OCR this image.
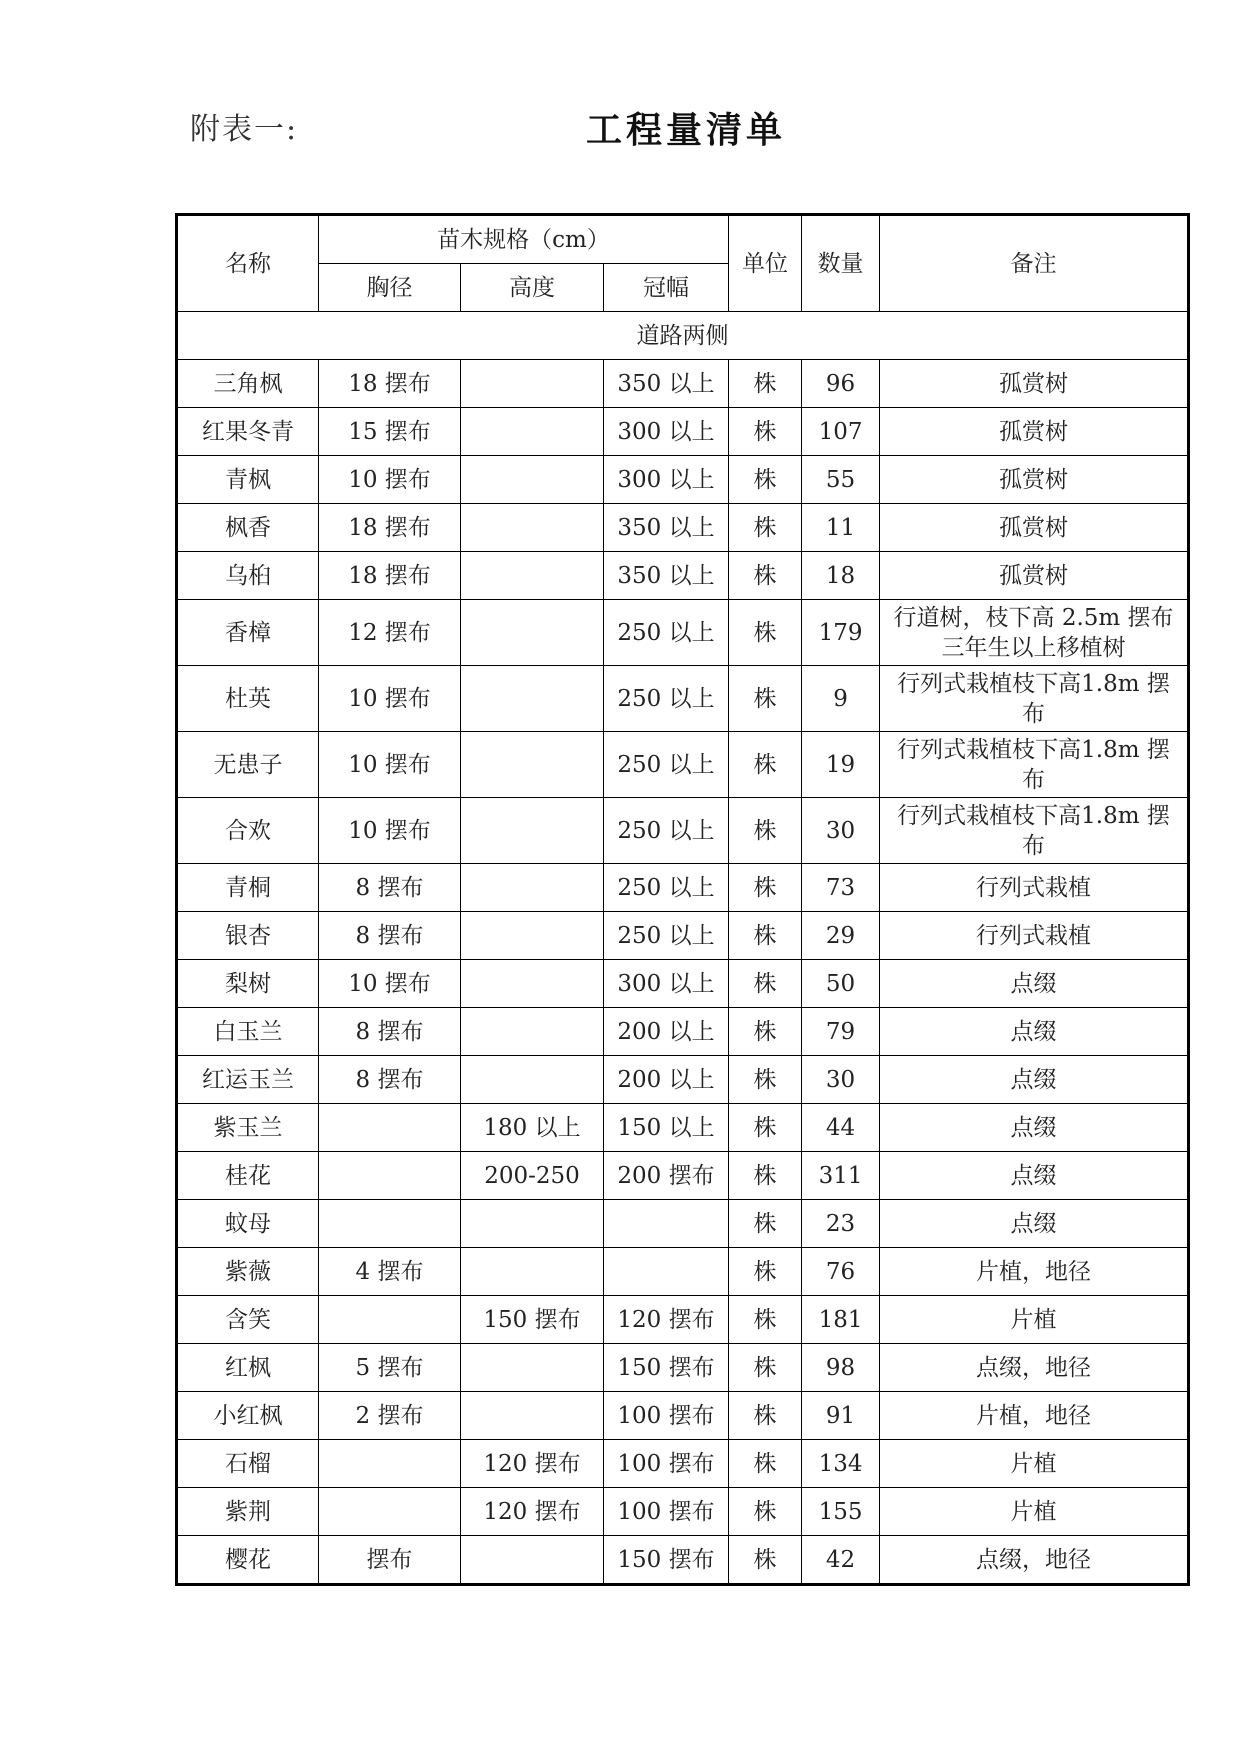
附表一:	工程量清单
名称	苗木规格（cm）			单位	数量	备注
	胸径	高度	冠幅			
道路两侧						
三角枫	18 摆布		350 以上	株	96	孤赏树
红果冬青	15 摆布		300 以上	株	107	孤赏树
青枫	10 摆布		300 以上	株	55	孤赏树
枫香	18 摆布		350 以上	株	11	孤赏树
乌桕	18 摆布		350 以上	株	18	孤赏树
香樟	12 摆布		250 以上	株	179	行道树，枝下高 2.5m 摆布三年生以上移植树
杜英	10 摆布		250 以上	株	9	行列式栽植枝下高1.8m 摆布
无患子	10 摆布		250 以上	株	19	行列式栽植枝下高1.8m 摆布
合欢	10 摆布		250 以上	株	30	行列式栽植枝下高1.8m 摆布
青桐	8 摆布		250 以上	株	73	行列式栽植
银杏	8 摆布		250 以上	株	29	行列式栽植
梨树	10 摆布		300 以上	株	50	点缀
白玉兰	8 摆布		200 以上	株	79	点缀
红运玉兰	8 摆布		200 以上	株	30	点缀
紫玉兰		180 以上	150 以上	株	44	点缀
桂花		200-250	200 摆布	株	311	点缀
蚊母				株	23	点缀
紫薇	4 摆布			株	76	片植，地径
含笑		150 摆布	120 摆布	株	181	片植
红枫	5 摆布		150 摆布	株	98	点缀，地径
小红枫	2 摆布		100 摆布	株	91	片植，地径
石榴		120 摆布	100 摆布	株	134	片植
紫荆		120 摆布	100 摆布	株	155	片植
樱花	摆布		150 摆布	株	42	点缀，地径
